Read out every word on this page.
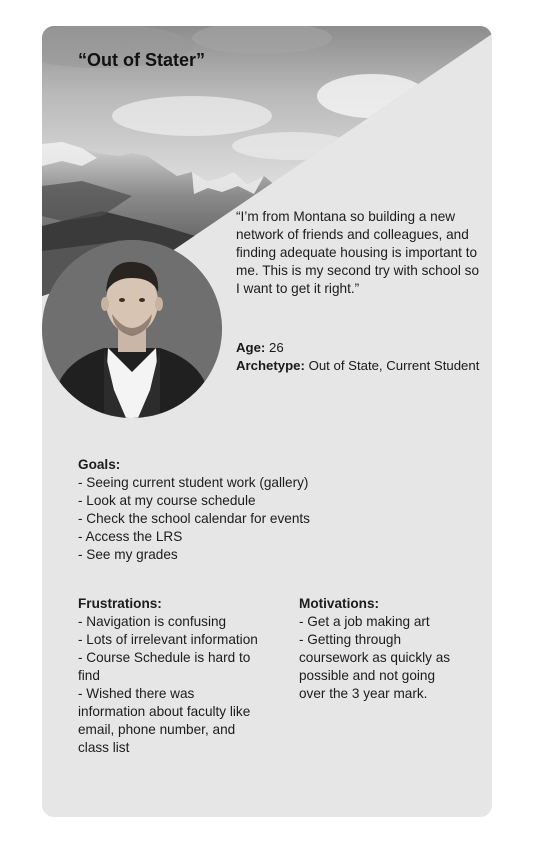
“Out of Stater”

“I’m from Montana so building a new network of friends and colleagues, and finding adequate housing is important to me. This is my second try with school so I want to get it right.”

Age: 26
Archetype: Out of State, Current Student
Goals:
- Seeing current student work (gallery)
- Look at my course schedule
- Check the school calendar for events
- Access the LRS
- See my grades
Frustrations:
- Navigation is confusing
- Lots of irrelevant information
- Course Schedule is hard to find
- Wished there was information about faculty like email, phone number, and class list
Motivations:
- Get a job making art
- Getting through coursework as quickly as possible and not going over the 3 year mark.
